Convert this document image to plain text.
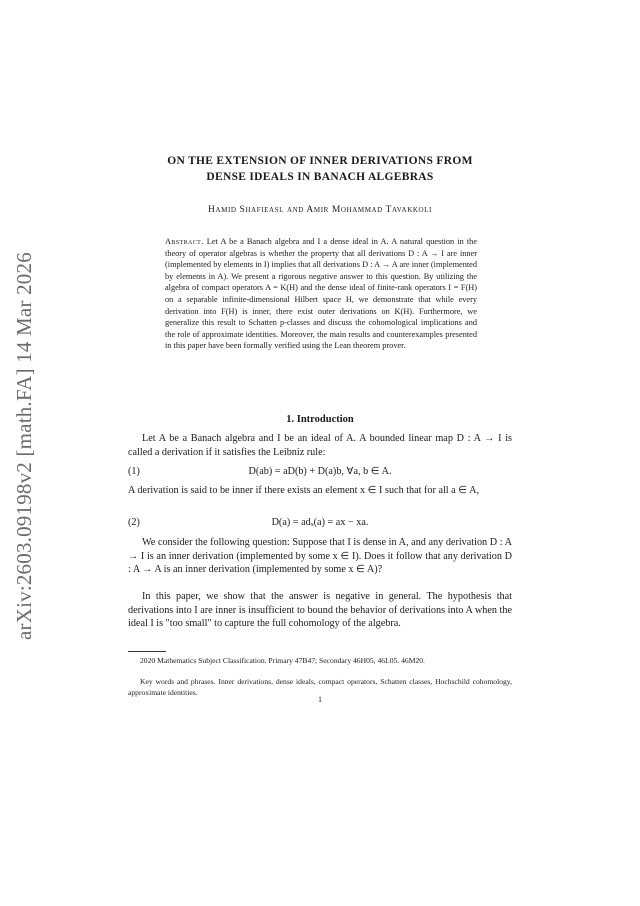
arXiv:2603.09198v2 [math.FA] 14 Mar 2026
ON THE EXTENSION OF INNER DERIVATIONS FROM
DENSE IDEALS IN BANACH ALGEBRAS
Hamid Shafieasl and Amir Mohammad Tavakkoli
Abstract. Let A be a Banach algebra and I a dense ideal in A. A natural question in the theory of operator algebras is whether the property that all derivations D : A → I are inner (implemented by elements in I) implies that all derivations D : A → A are inner (implemented by elements in A). We present a rigorous negative answer to this question. By utilizing the algebra of compact operators A = K(H) and the dense ideal of finite-rank operators I = F(H) on a separable infinite-dimensional Hilbert space H, we demonstrate that while every derivation into F(H) is inner, there exist outer derivations on K(H). Furthermore, we generalize this result to Schatten p-classes and discuss the cohomological implications and the role of approximate identities. Moreover, the main results and counterexamples presented in this paper have been formally verified using the Lean theorem prover.
1. Introduction
Let A be a Banach algebra and I be an ideal of A. A bounded linear map D : A → I is called a derivation if it satisfies the Leibniz rule:
D(ab) = aD(b) + D(a)b, ∀a, b ∈ A.
(1)
A derivation is said to be inner if there exists an element x ∈ I such that for all a ∈ A,
D(a) = adₓ(a) = ax − xa.
(2)
We consider the following question: Suppose that I is dense in A, and any derivation D : A → I is an inner derivation (implemented by some x ∈ I). Does it follow that any derivation D : A → A is an inner derivation (implemented by some x ∈ A)?
In this paper, we show that the answer is negative in general. The hypothesis that derivations into I are inner is insufficient to bound the behavior of derivations into A when the ideal I is "too small" to capture the full cohomology of the algebra.
2020 Mathematics Subject Classification. Primary 47B47; Secondary 46H05, 46L05. 46M20.
Key words and phrases. Inner derivations, dense ideals, compact operators, Schatten classes, Hochschild cohomology, approximate identities.
1
